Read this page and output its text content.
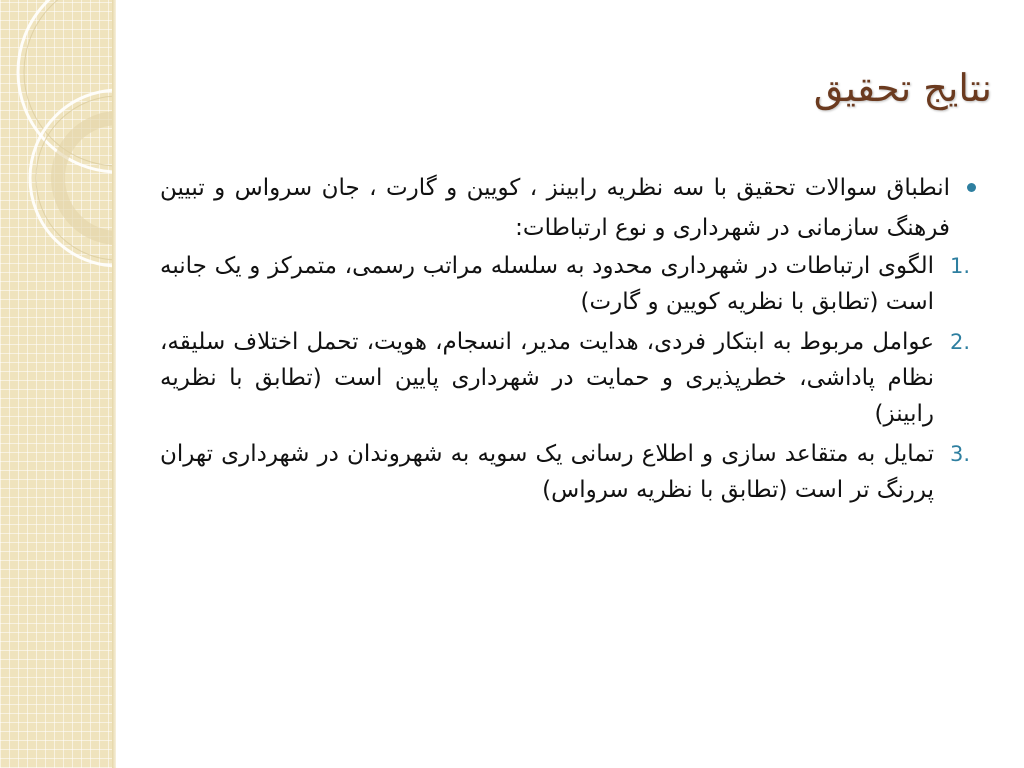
نتایج تحقیق

انطباق سوالات تحقیق با سه نظریه رابینز ، کویین و گارت ، جان سرواس و تبیین فرهنگ سازمانی در شهرداری و نوع ارتباطات:

1.
الگوی ارتباطات در شهرداری محدود به سلسله مراتب رسمی، متمرکز و یک جانبه است (تطابق با نظریه کویین و گارت)
2.
عوامل مربوط به ابتکار فردی، هدایت مدیر، انسجام، هویت، تحمل اختلاف سلیقه، نظام پاداشی، خطرپذیری و حمایت در شهرداری پایین است (تطابق با نظریه رابینز)
3.
تمایل به متقاعد سازی و اطلاع رسانی یک سویه به شهروندان در شهرداری تهران پررنگ تر است (تطابق با نظریه سرواس)
